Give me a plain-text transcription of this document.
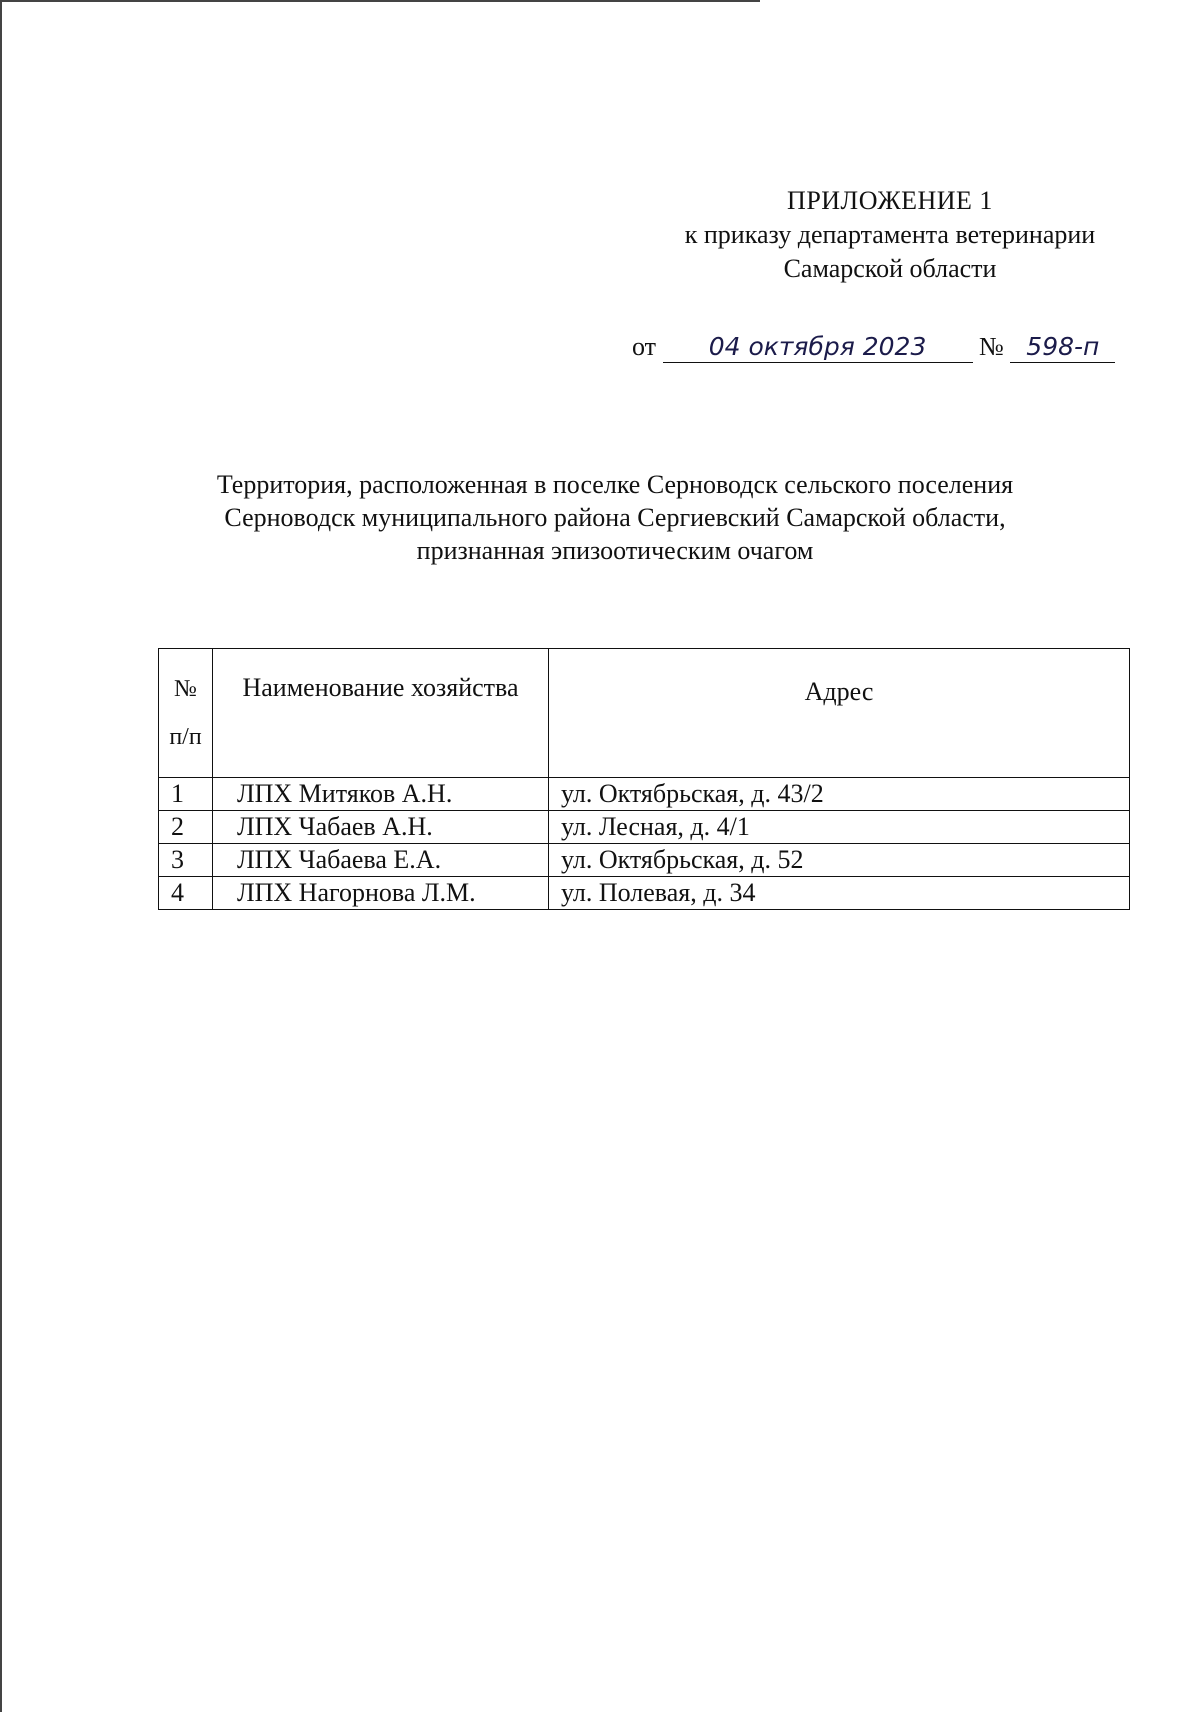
ПРИЛОЖЕНИЕ 1
к приказу департамента ветеринарии
Самарской области
от 04 октября 2023 № 598-п
Территория, расположенная в поселке Серноводск сельского поселения
Серноводск муниципального района Сергиевский Самарской области,
признанная эпизоотическим очагом
№
п/п	Наименование хозяйства	Адрес
1	ЛПХ Митяков А.Н.	ул. Октябрьская, д. 43/2
2	ЛПХ Чабаев А.Н.	ул. Лесная, д. 4/1
3	ЛПХ Чабаева Е.А.	ул. Октябрьская, д. 52
4	ЛПХ Нагорнова Л.М.	ул. Полевая, д. 34
